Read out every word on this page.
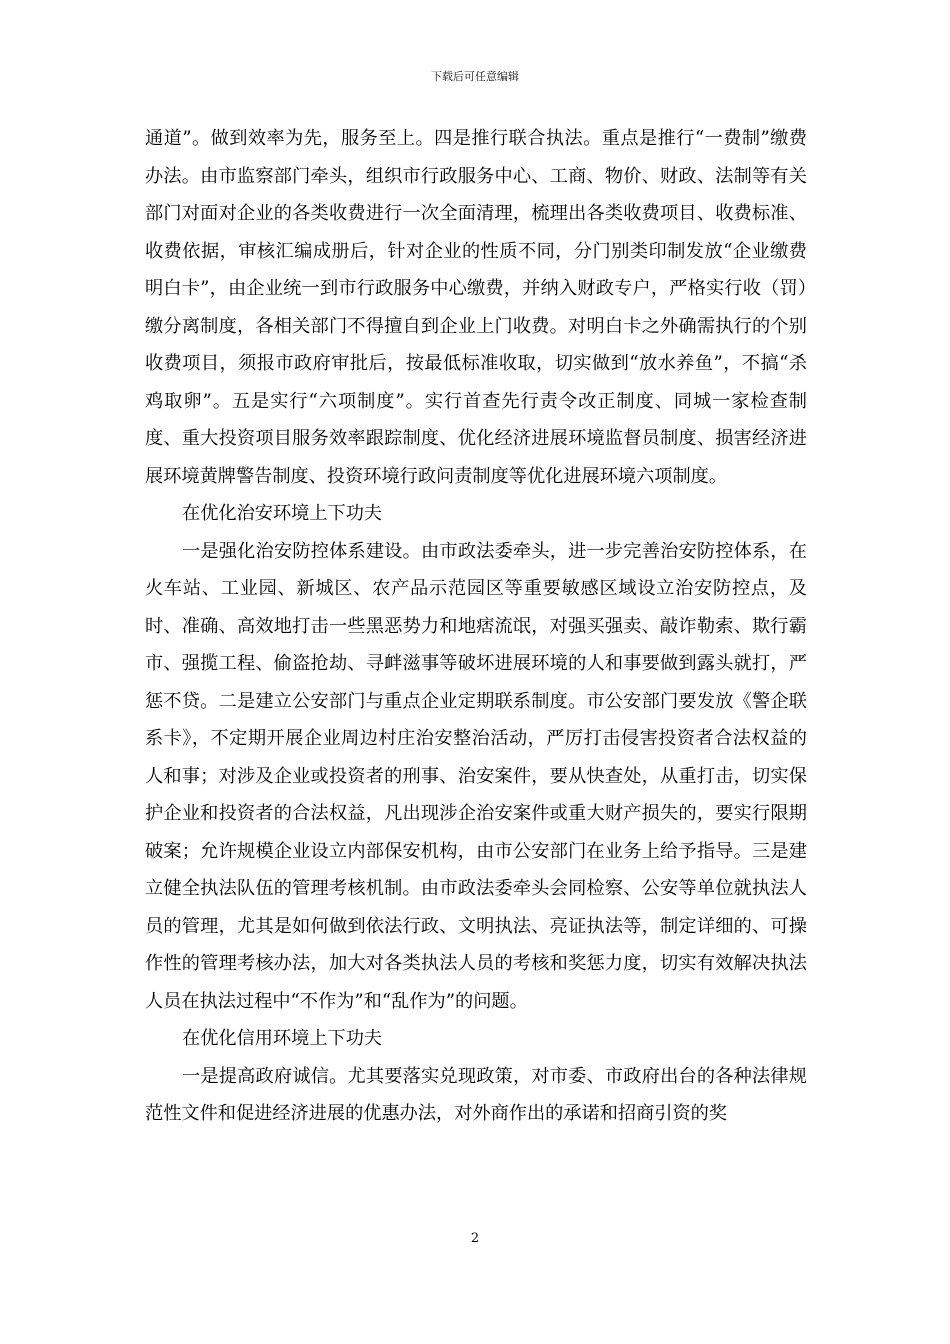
下载后可任意编辑

通道”。做到效率为先，服务至上。四是推行联合执法。重点是推行“一费制”缴费办法。由市监察部门牵头，组织市行政服务中心、工商、物价、财政、法制等有关部门对面对企业的各类收费进行一次全面清理，梳理出各类收费项目、收费标准、收费依据，审核汇编成册后，针对企业的性质不同，分门别类印制发放“企业缴费明白卡”，由企业统一到市行政服务中心缴费，并纳入财政专户，严格实行收（罚）缴分离制度，各相关部门不得擅自到企业上门收费。对明白卡之外确需执行的个别收费项目，须报市政府审批后，按最低标准收取，切实做到“放水养鱼”，不搞“杀鸡取卵”。五是实行“六项制度”。实行首查先行责令改正制度、同城一家检查制度、重大投资项目服务效率跟踪制度、优化经济进展环境监督员制度、损害经济进展环境黄牌警告制度、投资环境行政问责制度等优化进展环境六项制度。

在优化治安环境上下功夫

一是强化治安防控体系建设。由市政法委牵头，进一步完善治安防控体系，在火车站、工业园、新城区、农产品示范园区等重要敏感区域设立治安防控点，及时、准确、高效地打击一些黑恶势力和地痞流氓，对强买强卖、敲诈勒索、欺行霸市、强揽工程、偷盗抢劫、寻衅滋事等破坏进展环境的人和事要做到露头就打，严惩不贷。二是建立公安部门与重点企业定期联系制度。市公安部门要发放《警企联系卡》，不定期开展企业周边村庄治安整治活动，严厉打击侵害投资者合法权益的人和事；对涉及企业或投资者的刑事、治安案件，要从快查处，从重打击，切实保护企业和投资者的合法权益，凡出现涉企治安案件或重大财产损失的，要实行限期破案；允许规模企业设立内部保安机构，由市公安部门在业务上给予指导。三是建立健全执法队伍的管理考核机制。由市政法委牵头会同检察、公安等单位就执法人员的管理，尤其是如何做到依法行政、文明执法、亮证执法等，制定详细的、可操作性的管理考核办法，加大对各类执法人员的考核和奖惩力度，切实有效解决执法人员在执法过程中“不作为”和“乱作为”的问题。

在优化信用环境上下功夫

一是提高政府诚信。尤其要落实兑现政策，对市委、市政府出台的各种法律规范性文件和促进经济进展的优惠办法，对外商作出的承诺和招商引资的奖

2
